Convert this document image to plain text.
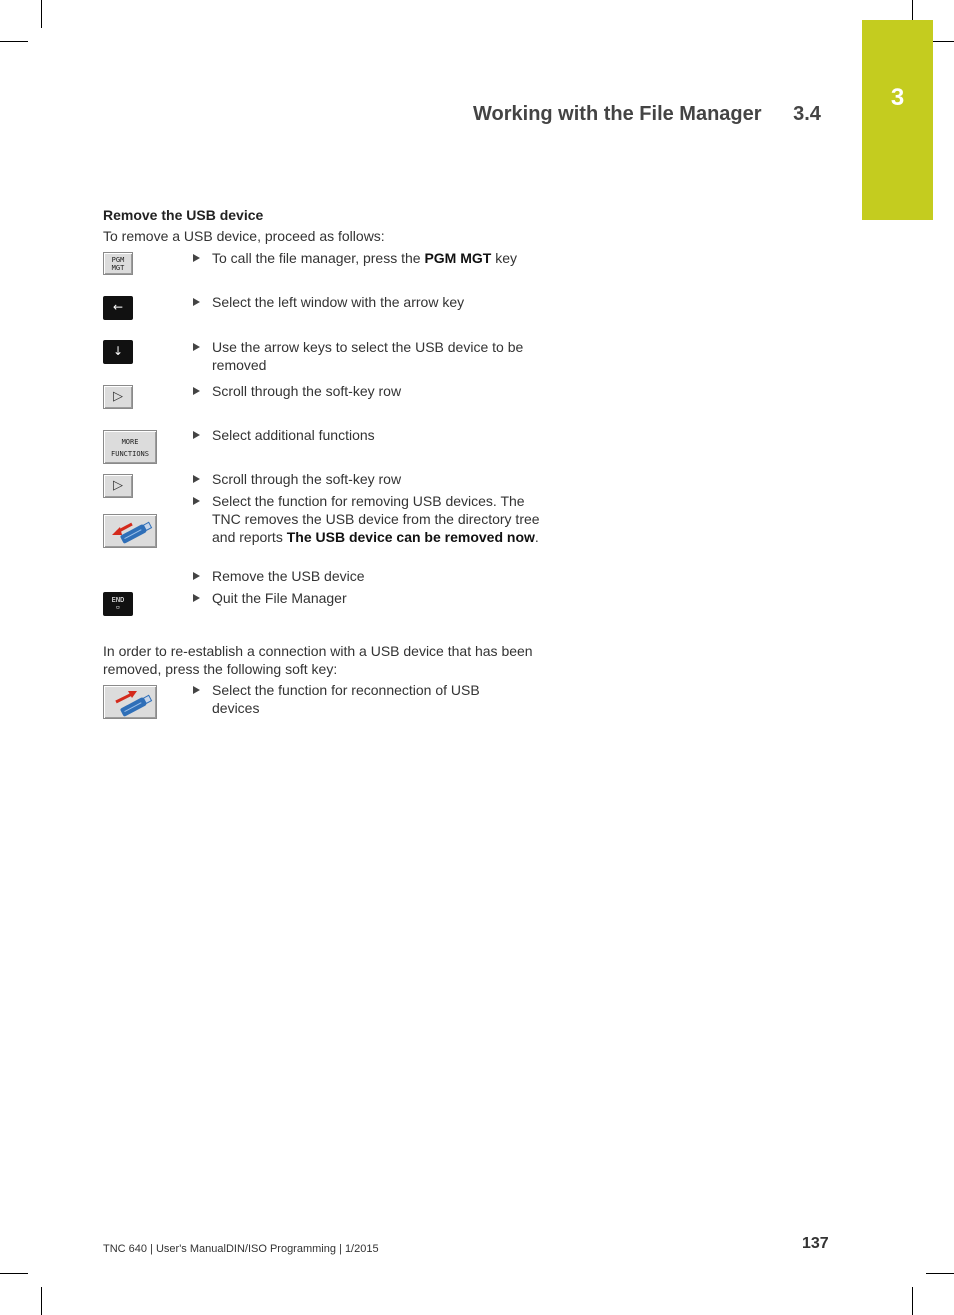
3
Working with the File Manager 3.4
Remove the USB device
To remove a USB device, proceed as follows:
PGM
MGT
←
↓
▷
MORE
FUNCTIONS
▷
END
▫
To call the file manager, press the PGM MGT key
Select the left window with the arrow key
Use the arrow keys to select the USB device to be removed
Scroll through the soft-key row
Select additional functions
Scroll through the soft-key row
Select the function for removing USB devices. The TNC removes the USB device from the directory tree and reports The USB device can be removed now.
Remove the USB device
Quit the File Manager
In order to re-establish a connection with a USB device that has been removed, press the following soft key:
Select the function for reconnection of USB devices
TNC 640 | User's ManualDIN/ISO Programming | 1/2015	137
